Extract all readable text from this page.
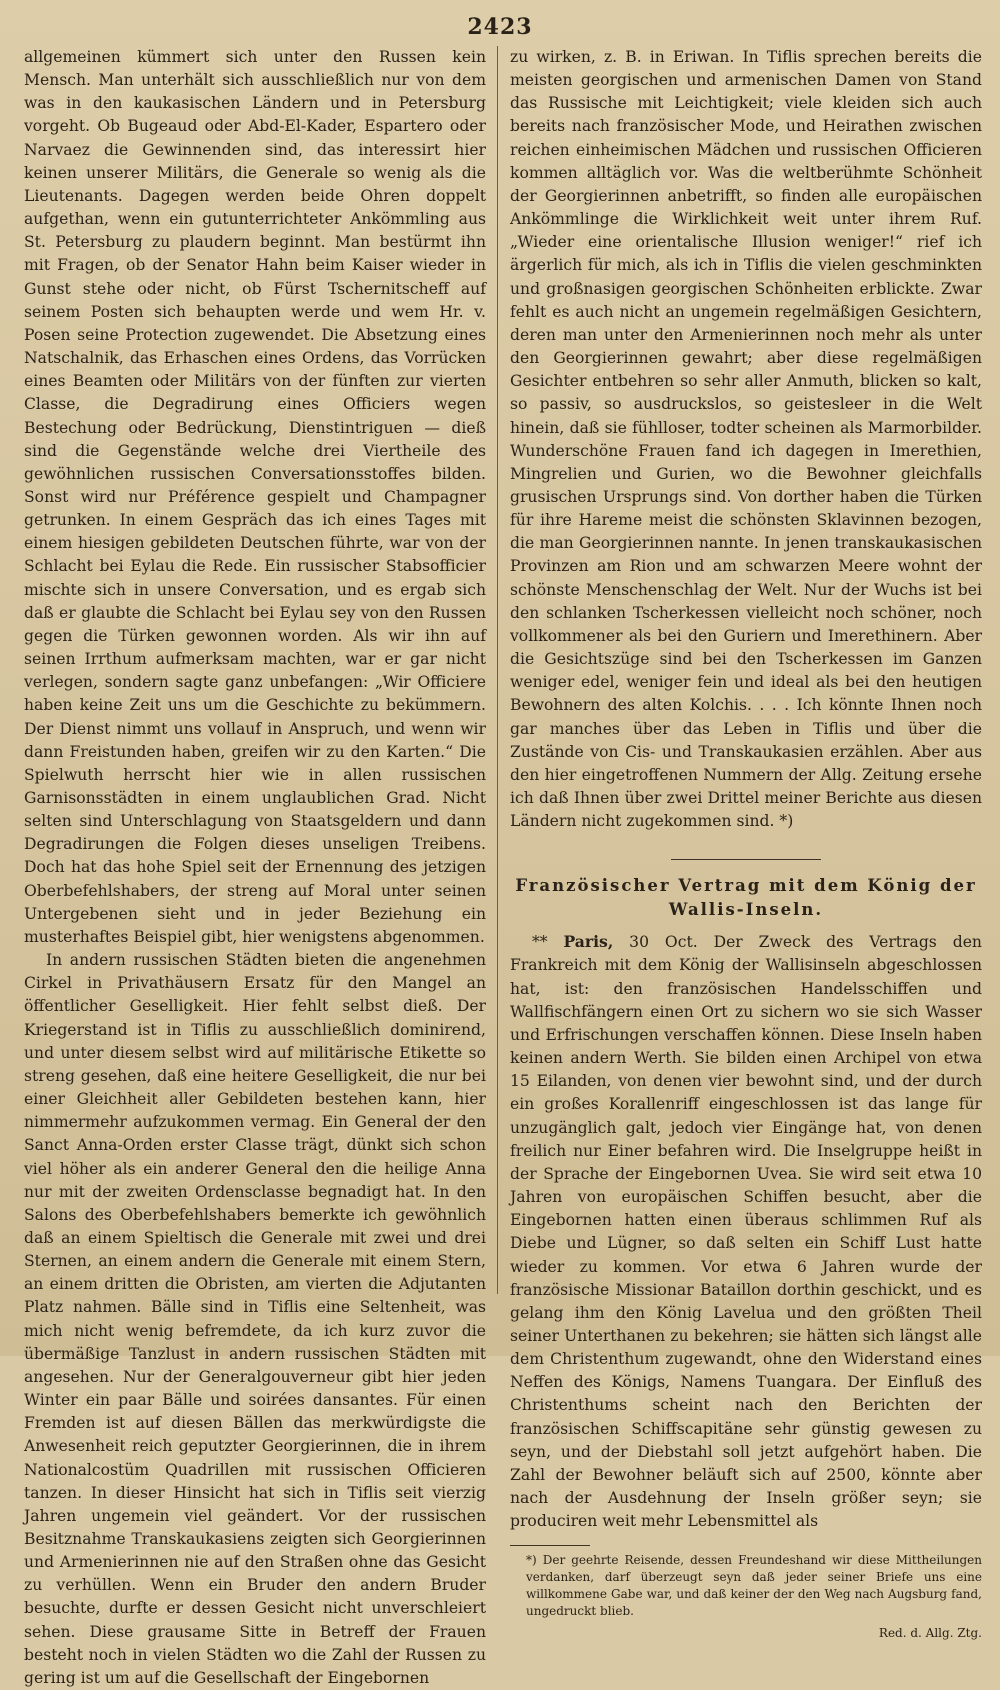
2423

allgemeinen kümmert sich unter den Russen kein Mensch. Man unterhält sich ausschließlich nur von dem was in den kaukasischen Ländern und in Petersburg vorgeht. Ob Bugeaud oder Abd-El-Kader, Espartero oder Narvaez die Gewinnenden sind, das interessirt hier keinen unserer Militärs, die Generale so wenig als die Lieutenants. Dagegen werden beide Ohren doppelt aufgethan, wenn ein gutunterrichteter Ankömmling aus St. Petersburg zu plaudern beginnt. Man bestürmt ihn mit Fragen, ob der Senator Hahn beim Kaiser wieder in Gunst stehe oder nicht, ob Fürst Tschernitscheff auf seinem Posten sich behaupten werde und wem Hr. v. Posen seine Protection zugewendet. Die Absetzung eines Natschalnik, das Erhaschen eines Ordens, das Vorrücken eines Beamten oder Militärs von der fünften zur vierten Classe, die Degradirung eines Officiers wegen Bestechung oder Bedrückung, Dienstintriguen — dieß sind die Gegenstände welche drei Viertheile des gewöhnlichen russischen Conversationsstoffes bilden. Sonst wird nur Préférence gespielt und Champagner getrunken. In einem Gespräch das ich eines Tages mit einem hiesigen gebildeten Deutschen führte, war von der Schlacht bei Eylau die Rede. Ein russischer Stabsofficier mischte sich in unsere Conversation, und es ergab sich daß er glaubte die Schlacht bei Eylau sey von den Russen gegen die Türken gewonnen worden. Als wir ihn auf seinen Irrthum aufmerksam machten, war er gar nicht verlegen, sondern sagte ganz unbefangen: „Wir Officiere haben keine Zeit uns um die Geschichte zu bekümmern. Der Dienst nimmt uns vollauf in Anspruch, und wenn wir dann Freistunden haben, greifen wir zu den Karten.“ Die Spielwuth herrscht hier wie in allen russischen Garnisonsstädten in einem unglaublichen Grad. Nicht selten sind Unterschlagung von Staatsgeldern und dann Degradirungen die Folgen dieses unseligen Treibens. Doch hat das hohe Spiel seit der Ernennung des jetzigen Oberbefehlshabers, der streng auf Moral unter seinen Untergebenen sieht und in jeder Beziehung ein musterhaftes Beispiel gibt, hier wenigstens abgenommen.

In andern russischen Städten bieten die angenehmen Cirkel in Privathäusern Ersatz für den Mangel an öffentlicher Geselligkeit. Hier fehlt selbst dieß. Der Kriegerstand ist in Tiflis zu ausschließlich dominirend, und unter diesem selbst wird auf militärische Etikette so streng gesehen, daß eine heitere Geselligkeit, die nur bei einer Gleichheit aller Gebildeten bestehen kann, hier nimmermehr aufzukommen vermag. Ein General der den Sanct Anna-Orden erster Classe trägt, dünkt sich schon viel höher als ein anderer General den die heilige Anna nur mit der zweiten Ordensclasse begnadigt hat. In den Salons des Oberbefehlshabers bemerkte ich gewöhnlich daß an einem Spieltisch die Generale mit zwei und drei Sternen, an einem andern die Generale mit einem Stern, an einem dritten die Obristen, am vierten die Adjutanten Platz nahmen. Bälle sind in Tiflis eine Seltenheit, was mich nicht wenig befremdete, da ich kurz zuvor die übermäßige Tanzlust in andern russischen Städten mit angesehen. Nur der Generalgouverneur gibt hier jeden Winter ein paar Bälle und soirées dansantes. Für einen Fremden ist auf diesen Bällen das merkwürdigste die Anwesenheit reich geputzter Georgierinnen, die in ihrem Nationalcostüm Quadrillen mit russischen Officieren tanzen. In dieser Hinsicht hat sich in Tiflis seit vierzig Jahren ungemein viel geändert. Vor der russischen Besitznahme Transkaukasiens zeigten sich Georgierinnen und Armenierinnen nie auf den Straßen ohne das Gesicht zu verhüllen. Wenn ein Bruder den andern Bruder besuchte, durfte er dessen Gesicht nicht unverschleiert sehen. Diese grausame Sitte in Betreff der Frauen besteht noch in vielen Städten wo die Zahl der Russen zu gering ist um auf die Gesellschaft der Eingebornen

zu wirken, z. B. in Eriwan. In Tiflis sprechen bereits die meisten georgischen und armenischen Damen von Stand das Russische mit Leichtigkeit; viele kleiden sich auch bereits nach französischer Mode, und Heirathen zwischen reichen einheimischen Mädchen und russischen Officieren kommen alltäglich vor. Was die weltberühmte Schönheit der Georgierinnen anbetrifft, so finden alle europäischen Ankömmlinge die Wirklichkeit weit unter ihrem Ruf. „Wieder eine orientalische Illusion weniger!“ rief ich ärgerlich für mich, als ich in Tiflis die vielen geschminkten und großnasigen georgischen Schönheiten erblickte. Zwar fehlt es auch nicht an ungemein regelmäßigen Gesichtern, deren man unter den Armenierinnen noch mehr als unter den Georgierinnen gewahrt; aber diese regelmäßigen Gesichter entbehren so sehr aller Anmuth, blicken so kalt, so passiv, so ausdruckslos, so geistesleer in die Welt hinein, daß sie fühlloser, todter scheinen als Marmorbilder. Wunderschöne Frauen fand ich dagegen in Imerethien, Mingrelien und Gurien, wo die Bewohner gleichfalls grusischen Ursprungs sind. Von dorther haben die Türken für ihre Hareme meist die schönsten Sklavinnen bezogen, die man Georgierinnen nannte. In jenen transkaukasischen Provinzen am Rion und am schwarzen Meere wohnt der schönste Menschenschlag der Welt. Nur der Wuchs ist bei den schlanken Tscherkessen vielleicht noch schöner, noch vollkommener als bei den Guriern und Imerethinern. Aber die Gesichtszüge sind bei den Tscherkessen im Ganzen weniger edel, weniger fein und ideal als bei den heutigen Bewohnern des alten Kolchis. . . . Ich könnte Ihnen noch gar manches über das Leben in Tiflis und über die Zustände von Cis- und Transkaukasien erzählen. Aber aus den hier eingetroffenen Nummern der Allg. Zeitung ersehe ich daß Ihnen über zwei Drittel meiner Berichte aus diesen Ländern nicht zugekommen sind. *)

Französischer Vertrag mit dem König der Wallis-Inseln.

** Paris, 30 Oct. Der Zweck des Vertrags den Frankreich mit dem König der Wallisinseln abgeschlossen hat, ist: den französischen Handelsschiffen und Wallfischfängern einen Ort zu sichern wo sie sich Wasser und Erfrischungen verschaffen können. Diese Inseln haben keinen andern Werth. Sie bilden einen Archipel von etwa 15 Eilanden, von denen vier bewohnt sind, und der durch ein großes Korallenriff eingeschlossen ist das lange für unzugänglich galt, jedoch vier Eingänge hat, von denen freilich nur Einer befahren wird. Die Inselgruppe heißt in der Sprache der Eingebornen Uvea. Sie wird seit etwa 10 Jahren von europäischen Schiffen besucht, aber die Eingebornen hatten einen überaus schlimmen Ruf als Diebe und Lügner, so daß selten ein Schiff Lust hatte wieder zu kommen. Vor etwa 6 Jahren wurde der französische Missionar Bataillon dorthin geschickt, und es gelang ihm den König Lavelua und den größten Theil seiner Unterthanen zu bekehren; sie hätten sich längst alle dem Christenthum zugewandt, ohne den Widerstand eines Neffen des Königs, Namens Tuangara. Der Einfluß des Christenthums scheint nach den Berichten der französischen Schiffscapitäne sehr günstig gewesen zu seyn, und der Diebstahl soll jetzt aufgehört haben. Die Zahl der Bewohner beläuft sich auf 2500, könnte aber nach der Ausdehnung der Inseln größer seyn; sie produciren weit mehr Lebensmittel als

*) Der geehrte Reisende, dessen Freundeshand wir diese Mittheilungen verdanken, darf überzeugt seyn daß jeder seiner Briefe uns eine willkommene Gabe war, und daß keiner der den Weg nach Augsburg fand, ungedruckt blieb.
Red. d. Allg. Ztg.
